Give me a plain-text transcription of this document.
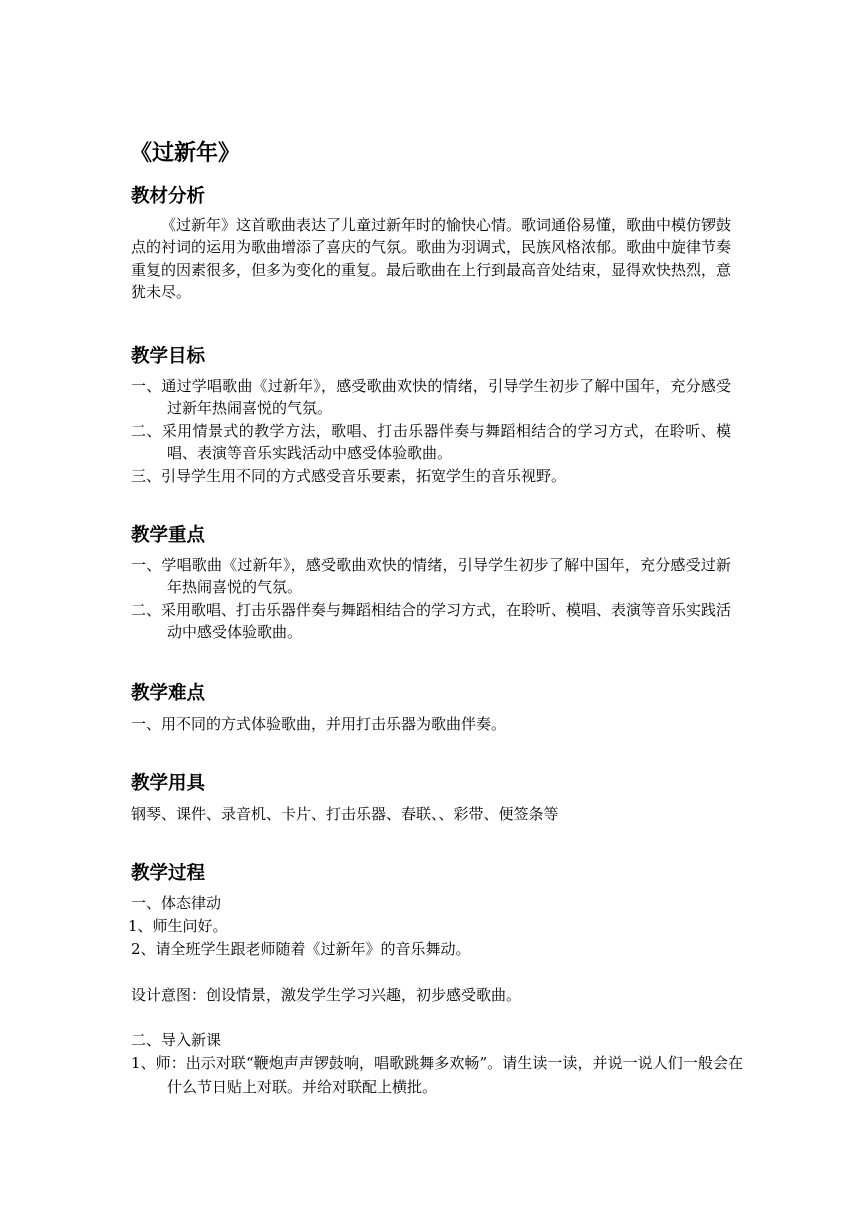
《过新年》
教材分析

《过新年》这首歌曲表达了儿童过新年时的愉快心情。歌词通俗易懂，歌曲中模仿锣鼓点的衬词的运用为歌曲增添了喜庆的气氛。歌曲为羽调式，民族风格浓郁。歌曲中旋律节奏重复的因素很多，但多为变化的重复。最后歌曲在上行到最高音处结束，显得欢快热烈，意犹未尽。

教学目标

一、通过学唱歌曲《过新年》，感受歌曲欢快的情绪，引导学生初步了解中国年，充分感受过新年热闹喜悦的气氛。

二、采用情景式的教学方法，歌唱、打击乐器伴奏与舞蹈相结合的学习方式，在聆听、模唱、表演等音乐实践活动中感受体验歌曲。

三、引导学生用不同的方式感受音乐要素，拓宽学生的音乐视野。

教学重点

一、学唱歌曲《过新年》，感受歌曲欢快的情绪，引导学生初步了解中国年，充分感受过新年热闹喜悦的气氛。

二、采用歌唱、打击乐器伴奏与舞蹈相结合的学习方式，在聆听、模唱、表演等音乐实践活动中感受体验歌曲。

教学难点

一、用不同的方式体验歌曲，并用打击乐器为歌曲伴奏。

教学用具
钢琴、课件、录音机、卡片、打击乐器、春联、、彩带、便签条等
教学过程
一、体态律动
1、师生问好。
2、请全班学生跟老师随着《过新年》的音乐舞动。
设计意图：创设情景，激发学生学习兴趣，初步感受歌曲。
二、导入新课

1、师：出示对联“鞭炮声声锣鼓响，唱歌跳舞多欢畅”。请生读一读，并说一说人们一般会在什么节日贴上对联。并给对联配上横批。
